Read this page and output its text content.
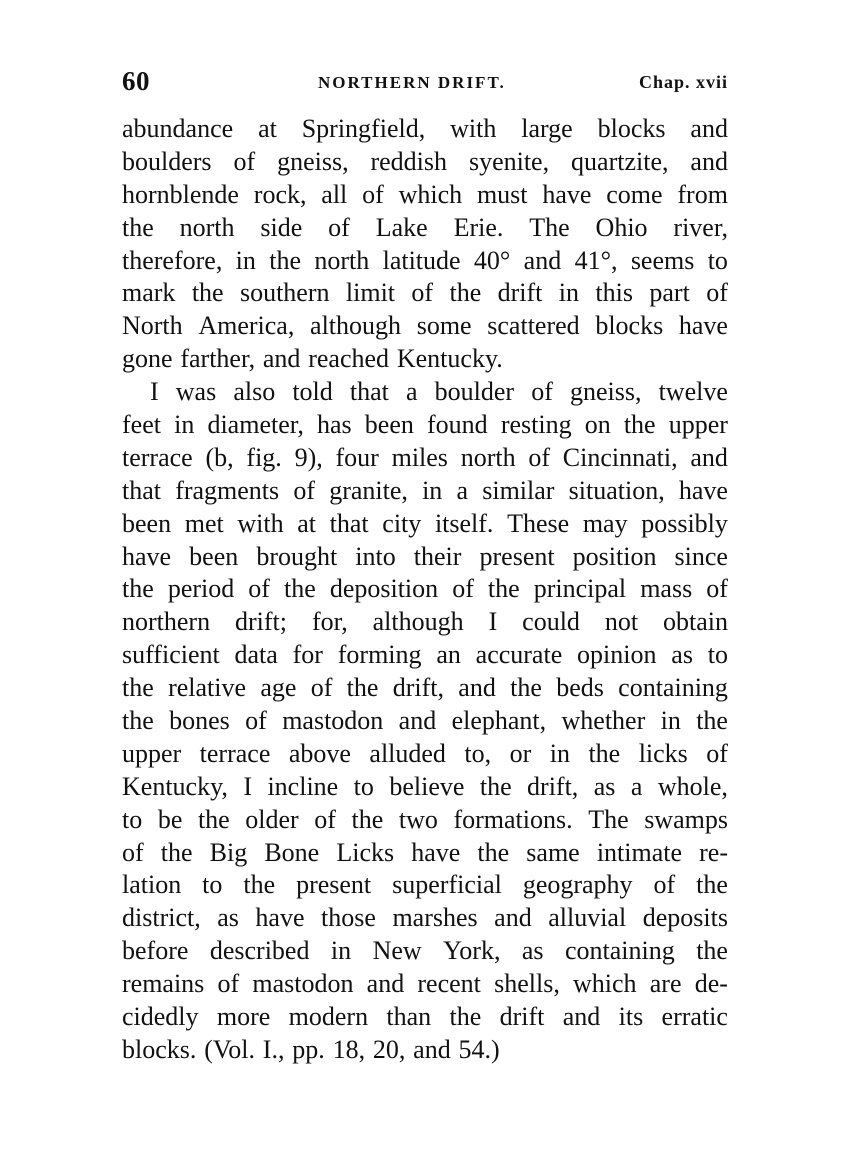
60	NORTHERN DRIFT.	Chap. xvii
abundance at Springfield, with large blocks and
boulders of gneiss, reddish syenite, quartzite, and
hornblende rock, all of which must have come from
the north side of Lake Erie. The Ohio river,
therefore, in the north latitude 40° and 41°, seems to
mark the southern limit of the drift in this part of
North America, although some scattered blocks have
gone farther, and reached Kentucky.
I was also told that a boulder of gneiss, twelve
feet in diameter, has been found resting on the upper
terrace (b, fig. 9), four miles north of Cincinnati, and
that fragments of granite, in a similar situation, have
been met with at that city itself. These may possibly
have been brought into their present position since
the period of the deposition of the principal mass of
northern drift; for, although I could not obtain
sufficient data for forming an accurate opinion as to
the relative age of the drift, and the beds containing
the bones of mastodon and elephant, whether in the
upper terrace above alluded to, or in the licks of
Kentucky, I incline to believe the drift, as a whole,
to be the older of the two formations. The swamps
of the Big Bone Licks have the same intimate re-
lation to the present superficial geography of the
district, as have those marshes and alluvial deposits
before described in New York, as containing the
remains of mastodon and recent shells, which are de-
cidedly more modern than the drift and its erratic
blocks. (Vol. I., pp. 18, 20, and 54.)
